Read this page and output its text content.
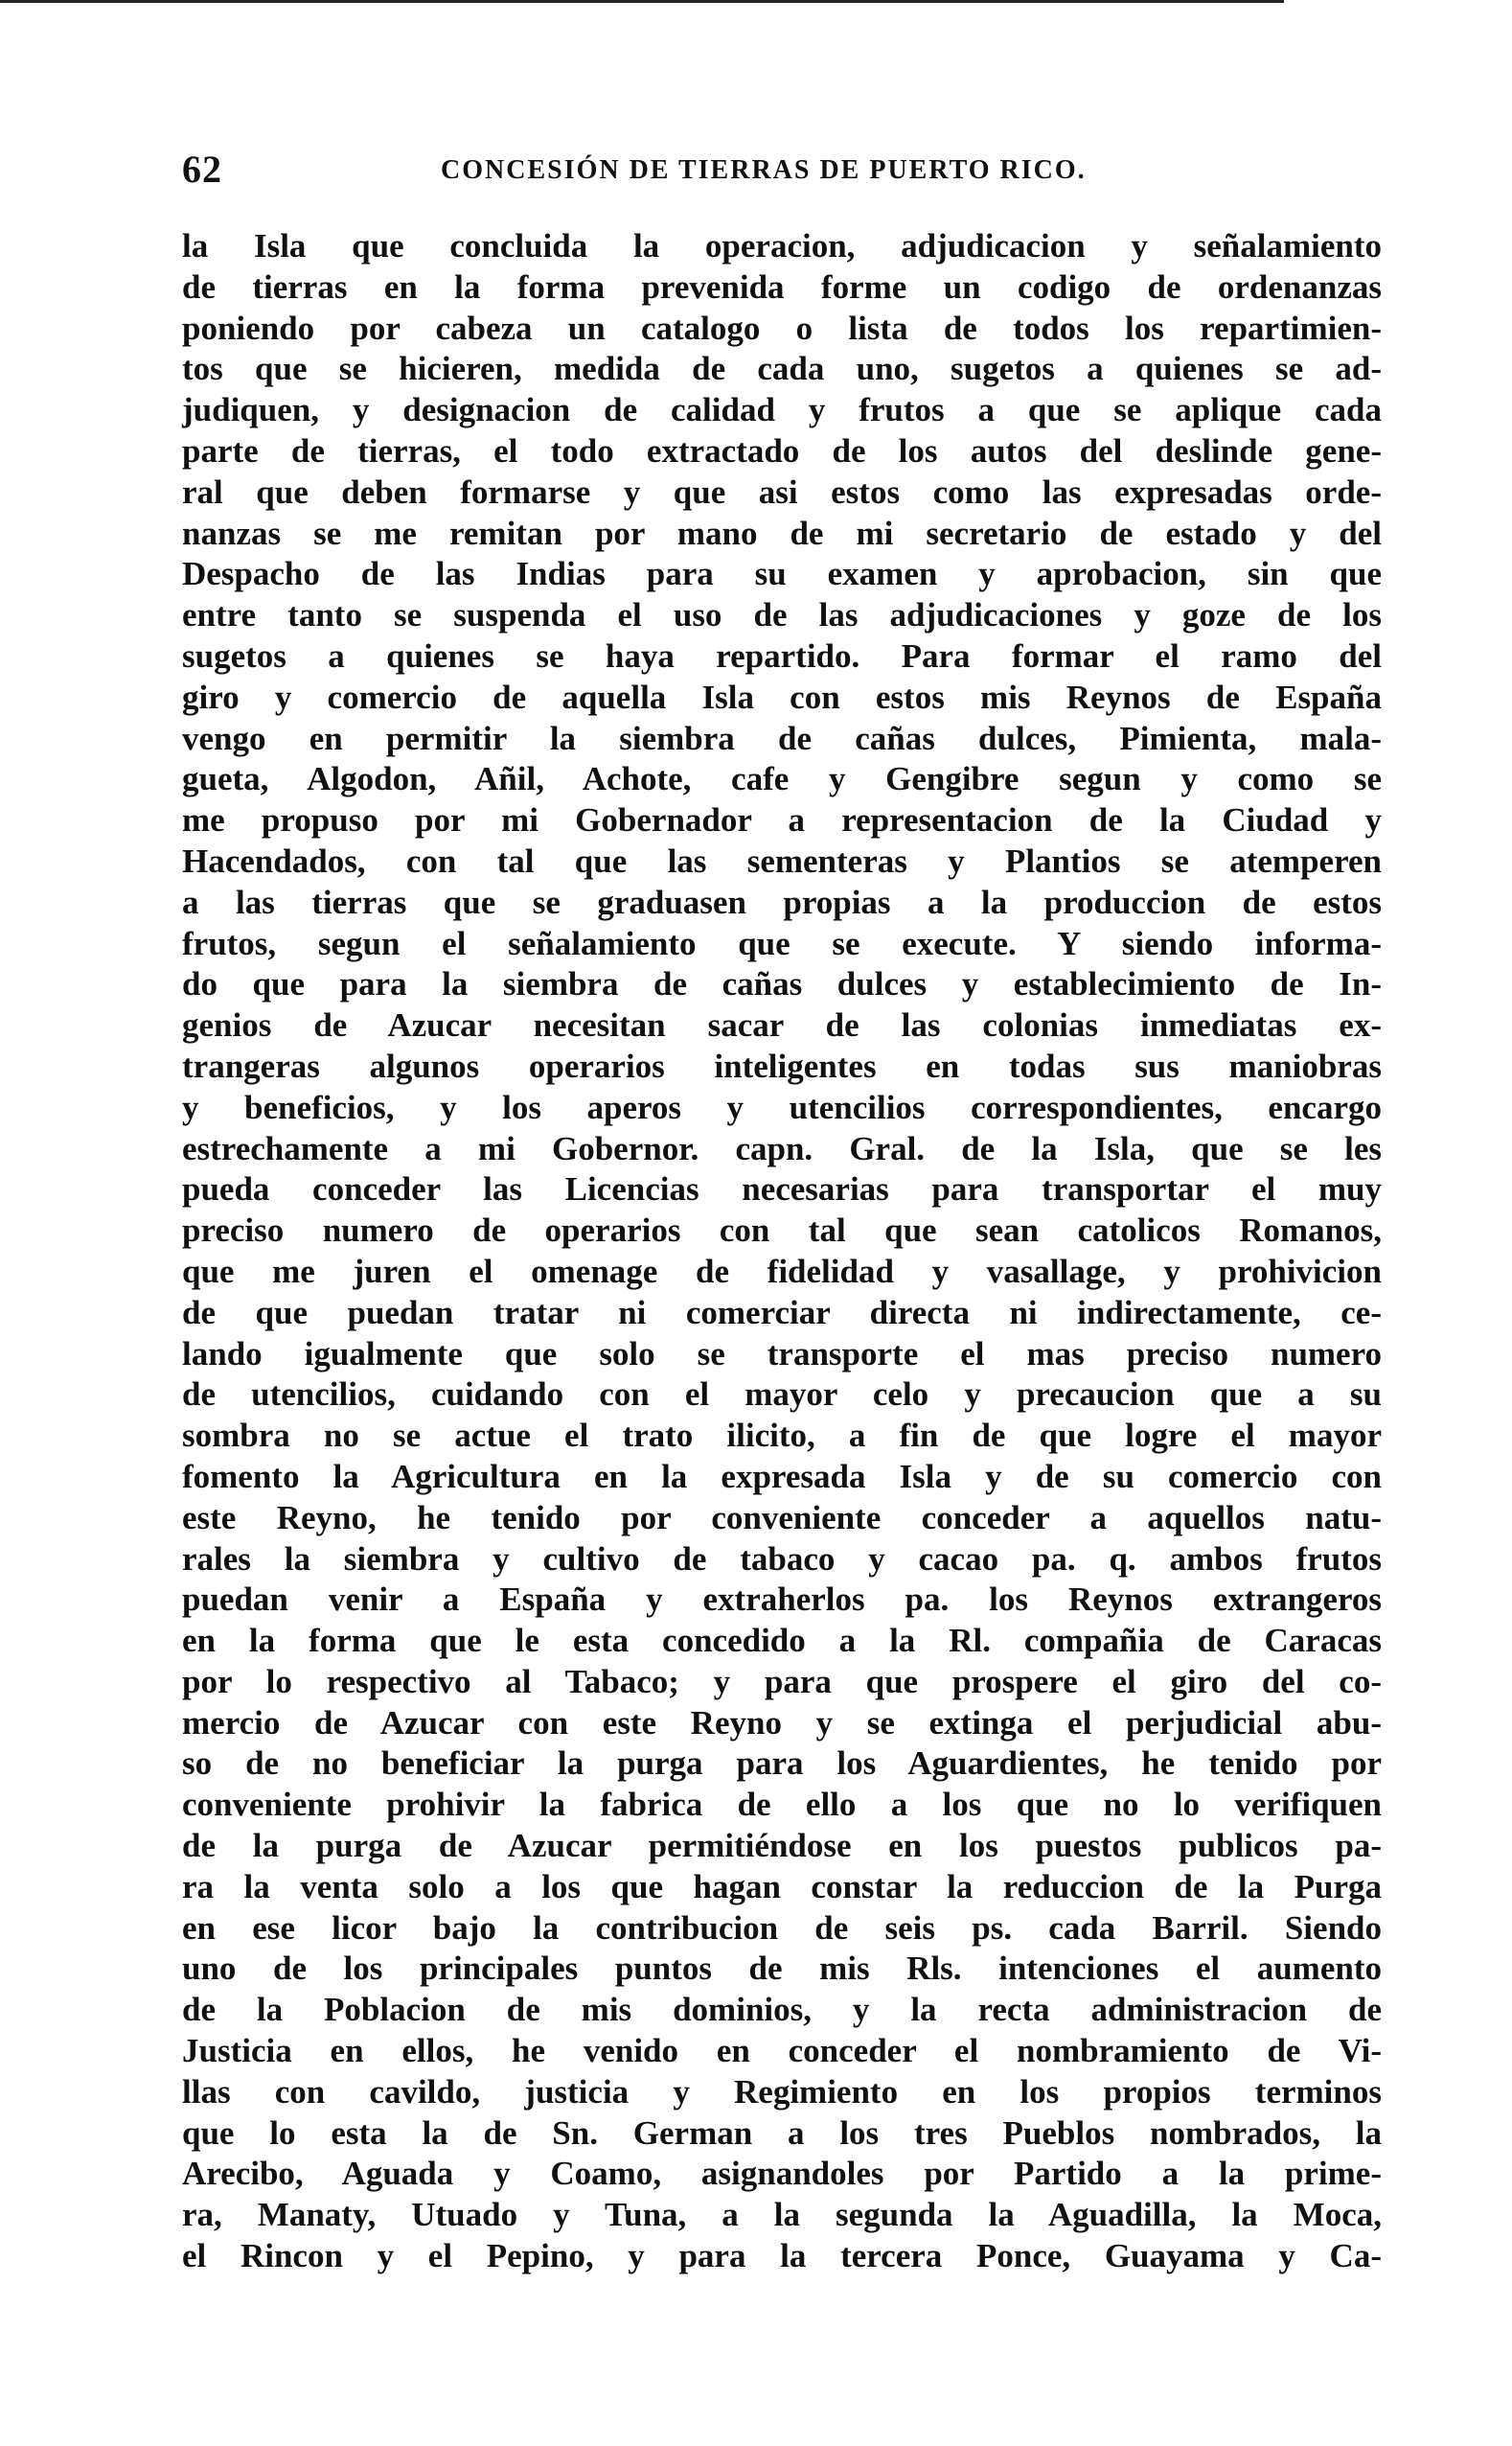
62	CONCESIÓN DE TIERRAS DE PUERTO RICO.
la Isla que concluida la operacion, adjudicacion y señalamiento
de tierras en la forma prevenida forme un codigo de ordenanzas
poniendo por cabeza un catalogo o lista de todos los repartimien-
tos que se hicieren, medida de cada uno, sugetos a quienes se ad-
judiquen, y designacion de calidad y frutos a que se aplique cada
parte de tierras, el todo extractado de los autos del deslinde gene-
ral que deben formarse y que asi estos como las expresadas orde-
nanzas se me remitan por mano de mi secretario de estado y del
Despacho de las Indias para su examen y aprobacion, sin que
entre tanto se suspenda el uso de las adjudicaciones y goze de los
sugetos a quienes se haya repartido. Para formar el ramo del
giro y comercio de aquella Isla con estos mis Reynos de España
vengo en permitir la siembra de cañas dulces, Pimienta, mala-
gueta, Algodon, Añil, Achote, cafe y Gengibre segun y como se
me propuso por mi Gobernador a representacion de la Ciudad y
Hacendados, con tal que las sementeras y Plantios se atemperen
a las tierras que se graduasen propias a la produccion de estos
frutos, segun el señalamiento que se execute. Y siendo informa-
do que para la siembra de cañas dulces y establecimiento de In-
genios de Azucar necesitan sacar de las colonias inmediatas ex-
trangeras algunos operarios inteligentes en todas sus maniobras
y beneficios, y los aperos y utencilios correspondientes, encargo
estrechamente a mi Gobernor. capn. Gral. de la Isla, que se les
pueda conceder las Licencias necesarias para transportar el muy
preciso numero de operarios con tal que sean catolicos Romanos,
que me juren el omenage de fidelidad y vasallage, y prohivicion
de que puedan tratar ni comerciar directa ni indirectamente, ce-
lando igualmente que solo se transporte el mas preciso numero
de utencilios, cuidando con el mayor celo y precaucion que a su
sombra no se actue el trato ilicito, a fin de que logre el mayor
fomento la Agricultura en la expresada Isla y de su comercio con
este Reyno, he tenido por conveniente conceder a aquellos natu-
rales la siembra y cultivo de tabaco y cacao pa. q. ambos frutos
puedan venir a España y extraherlos pa. los Reynos extrangeros
en la forma que le esta concedido a la Rl. compañia de Caracas
por lo respectivo al Tabaco; y para que prospere el giro del co-
mercio de Azucar con este Reyno y se extinga el perjudicial abu-
so de no beneficiar la purga para los Aguardientes, he tenido por
conveniente prohivir la fabrica de ello a los que no lo verifiquen
de la purga de Azucar permitiéndose en los puestos publicos pa-
ra la venta solo a los que hagan constar la reduccion de la Purga
en ese licor bajo la contribucion de seis ps. cada Barril. Siendo
uno de los principales puntos de mis Rls. intenciones el aumento
de la Poblacion de mis dominios, y la recta administracion de
Justicia en ellos, he venido en conceder el nombramiento de Vi-
llas con cavildo, justicia y Regimiento en los propios terminos
que lo esta la de Sn. German a los tres Pueblos nombrados, la
Arecibo, Aguada y Coamo, asignandoles por Partido a la prime-
ra, Manaty, Utuado y Tuna, a la segunda la Aguadilla, la Moca,
el Rincon y el Pepino, y para la tercera Ponce, Guayama y Ca-
